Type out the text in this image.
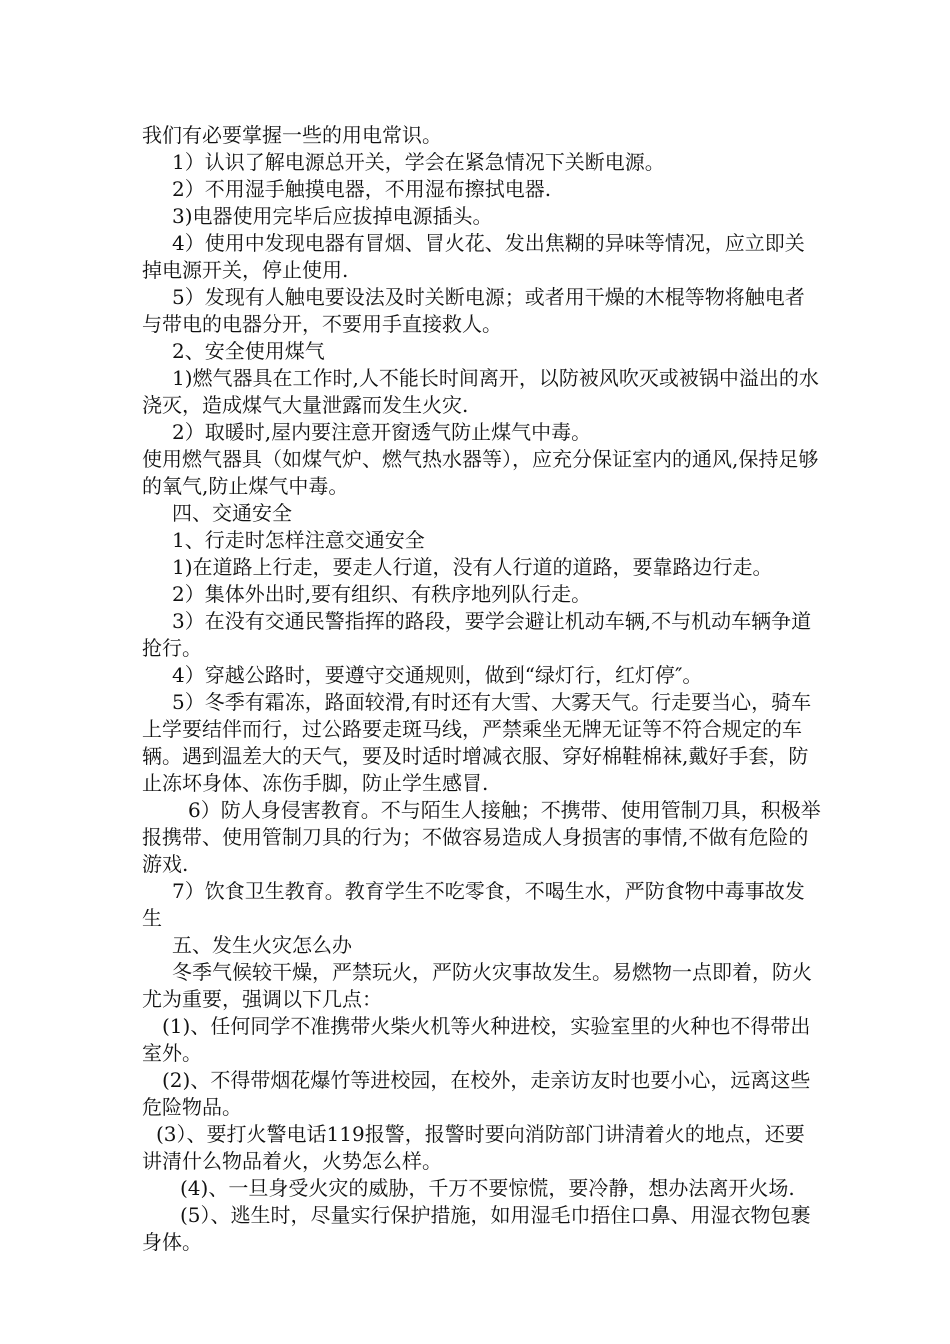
我们有必要掌握一些的用电常识。

1）认识了解电源总开关，学会在紧急情况下关断电源。

2）不用湿手触摸电器，不用湿布擦拭电器.

3)电器使用完毕后应拔掉电源插头。

4）使用中发现电器有冒烟、冒火花、发出焦糊的异味等情况，应立即关掉电源开关，停止使用.

5）发现有人触电要设法及时关断电源；或者用干燥的木棍等物将触电者与带电的电器分开，不要用手直接救人。

2、安全使用煤气

1)燃气器具在工作时,人不能长时间离开，以防被风吹灭或被锅中溢出的水浇灭，造成煤气大量泄露而发生火灾.

2）取暖时,屋内要注意开窗透气防止煤气中毒。

使用燃气器具（如煤气炉、燃气热水器等），应充分保证室内的通风,保持足够的氧气,防止煤气中毒。

四、交通安全

1、行走时怎样注意交通安全

1)在道路上行走，要走人行道，没有人行道的道路，要靠路边行走。

2）集体外出时,要有组织、有秩序地列队行走。

3）在没有交通民警指挥的路段，要学会避让机动车辆,不与机动车辆争道抢行。

4）穿越公路时，要遵守交通规则，做到“绿灯行，红灯停″。

5）冬季有霜冻，路面较滑,有时还有大雪、大雾天气。行走要当心，骑车上学要结伴而行，过公路要走斑马线，严禁乘坐无牌无证等不符合规定的车辆。遇到温差大的天气，要及时适时增减衣服、穿好棉鞋棉袜,戴好手套，防止冻坏身体、冻伤手脚，防止学生感冒.

6）防人身侵害教育。不与陌生人接触；不携带、使用管制刀具，积极举报携带、使用管制刀具的行为；不做容易造成人身损害的事情,不做有危险的游戏.

7）饮食卫生教育。教育学生不吃零食，不喝生水，严防食物中毒事故发生

五、发生火灾怎么办

冬季气候较干燥，严禁玩火，严防火灾事故发生。易燃物一点即着，防火尤为重要，强调以下几点：

(1)、任何同学不准携带火柴火机等火种进校，实验室里的火种也不得带出室外。

(2)、不得带烟花爆竹等进校园，在校外，走亲访友时也要小心，远离这些危险物品。

(3）、要打火警电话119报警，报警时要向消防部门讲清着火的地点，还要讲清什么物品着火，火势怎么样。

(4)、一旦身受火灾的威胁，千万不要惊慌，要冷静，想办法离开火场.

(5）、逃生时，尽量实行保护措施，如用湿毛巾捂住口鼻、用湿衣物包裹身体。
